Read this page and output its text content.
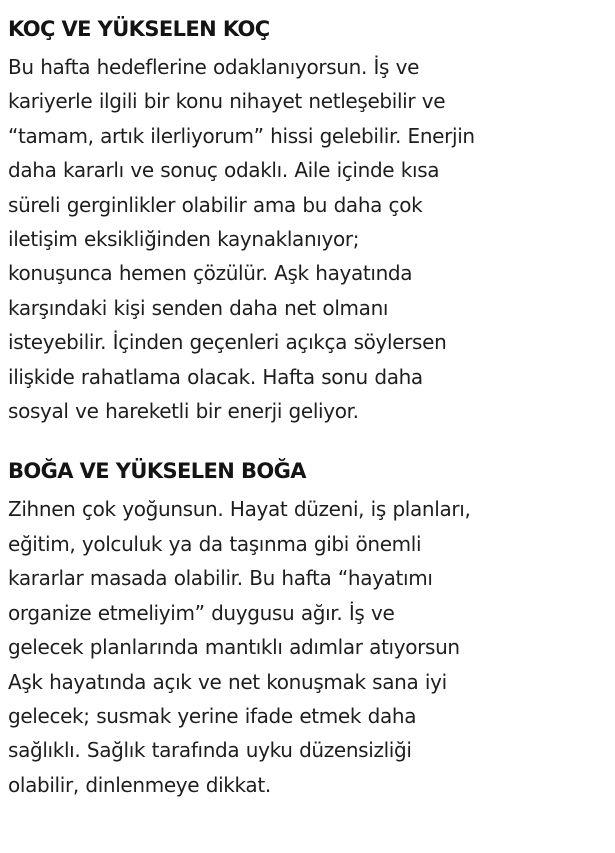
KOÇ VE YÜKSELEN KOÇ
Bu hafta hedeflerine odaklanıyorsun. İş ve
kariyerle ilgili bir konu nihayet netleşebilir ve
“tamam, artık ilerliyorum” hissi gelebilir. Enerjin
daha kararlı ve sonuç odaklı. Aile içinde kısa
süreli gerginlikler olabilir ama bu daha çok
iletişim eksikliğinden kaynaklanıyor;
konuşunca hemen çözülür. Aşk hayatında
karşındaki kişi senden daha net olmanı
isteyebilir. İçinden geçenleri açıkça söylersen
ilişkide rahatlama olacak. Hafta sonu daha
sosyal ve hareketli bir enerji geliyor.
BOĞA VE YÜKSELEN BOĞA
Zihnen çok yoğunsun. Hayat düzeni, iş planları,
eğitim, yolculuk ya da taşınma gibi önemli
kararlar masada olabilir. Bu hafta “hayatımı
organize etmeliyim” duygusu ağır. İş ve
gelecek planlarında mantıklı adımlar atıyorsun
Aşk hayatında açık ve net konuşmak sana iyi
gelecek; susmak yerine ifade etmek daha
sağlıklı. Sağlık tarafında uyku düzensizliği
olabilir, dinlenmeye dikkat.
